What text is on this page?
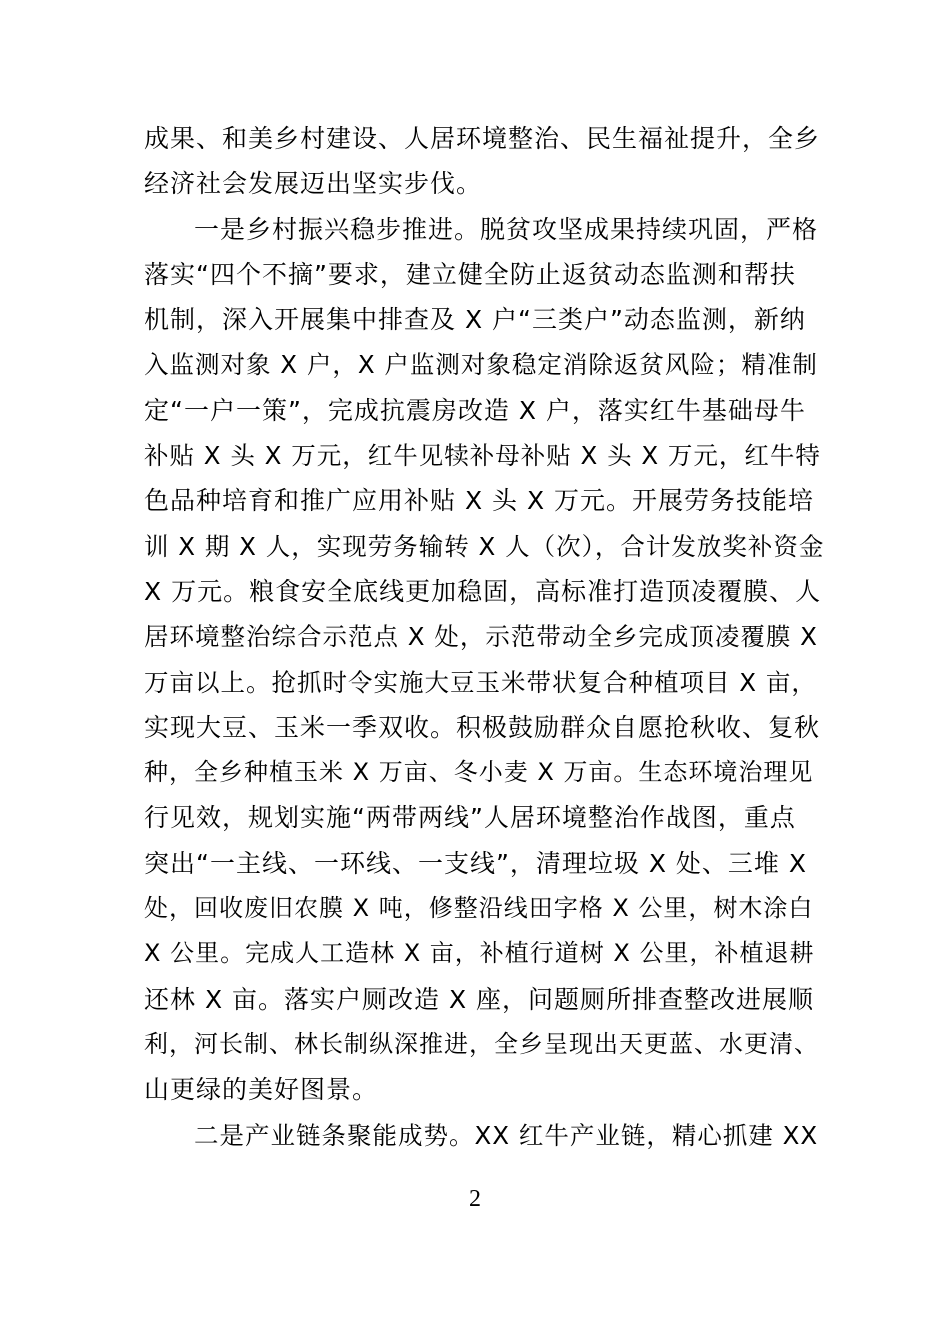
成果、和美乡村建设、人居环境整治、民生福祉提升，全乡
经济社会发展迈出坚实步伐。
一是乡村振兴稳步推进。脱贫攻坚成果持续巩固，严格
落实“四个不摘”要求，建立健全防止返贫动态监测和帮扶
机制，深入开展集中排查及 X 户“三类户”动态监测，新纳
入监测对象 X 户，X 户监测对象稳定消除返贫风险；精准制
定“一户一策”，完成抗震房改造 X 户，落实红牛基础母牛
补贴 X 头 X 万元，红牛见犊补母补贴 X 头 X 万元，红牛特
色品种培育和推广应用补贴 X 头 X 万元。开展劳务技能培
训 X 期 X 人，实现劳务输转 X 人（次），合计发放奖补资金
X 万元。粮食安全底线更加稳固，高标准打造顶凌覆膜、人
居环境整治综合示范点 X 处，示范带动全乡完成顶凌覆膜 X
万亩以上。抢抓时令实施大豆玉米带状复合种植项目 X 亩，
实现大豆、玉米一季双收。积极鼓励群众自愿抢秋收、复秋
种，全乡种植玉米 X 万亩、冬小麦 X 万亩。生态环境治理见
行见效，规划实施“两带两线”人居环境整治作战图，重点
突出“一主线、一环线、一支线”，清理垃圾 X 处、三堆 X
处，回收废旧农膜 X 吨，修整沿线田字格 X 公里，树木涂白
X 公里。完成人工造林 X 亩，补植行道树 X 公里，补植退耕
还林 X 亩。落实户厕改造 X 座，问题厕所排查整改进展顺
利，河长制、林长制纵深推进，全乡呈现出天更蓝、水更清、
山更绿的美好图景。
二是产业链条聚能成势。XX 红牛产业链，精心抓建 XX
2
